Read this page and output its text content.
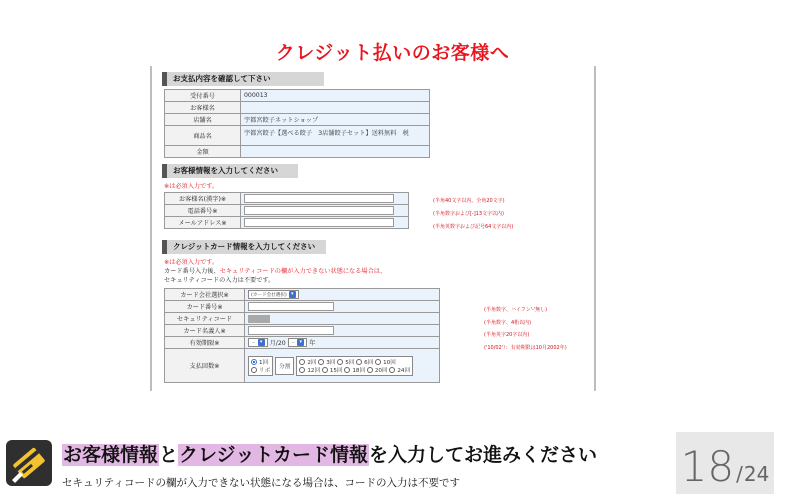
クレジット払いのお客様へ
お支払内容を確認して下さい
受付番号	000013
お客様名	
店舗名	宇都宮餃子ネットショップ
商品名	宇都宮餃子【選べる餃子　3店舗餃子セット】送料無料　税
金額	
お客様情報を入力してください
※は必須入力です。
お客様名(漢字)※	
電話番号※	
メールアドレス※	
(半角40文字以内、全角20文字)
(半角数字および[-]13文字以内)
(半角英数字および記号64文字以内)
クレジットカード情報を入力してください
※は必須入力です。
カード番号入力後、セキュリティコードの欄が入力できない状態になる場合は、
セキュリティコードの入力は不要です。
カード会社選択※	(カード会社選択) ▾

カード番号※	
セキュリティコード	
カード名義人※	
有効期限※	－ ▾ 月/20 － ▾ 年
支払回数※	1回
リボ
分割
2回 3回 5回 6回 10回
12回 15回 18回 20回 24回
(半角数字、ハイフン'-'無し)
(半角数字、4桁以内)
(半角英字20字以内)
('10/02'）：有効期限は10月2002年)
お客様情報とクレジットカード情報を入力してお進みください
セキュリティコードの欄が入力できない状態になる場合は、コードの入力は不要です	18 / 24
